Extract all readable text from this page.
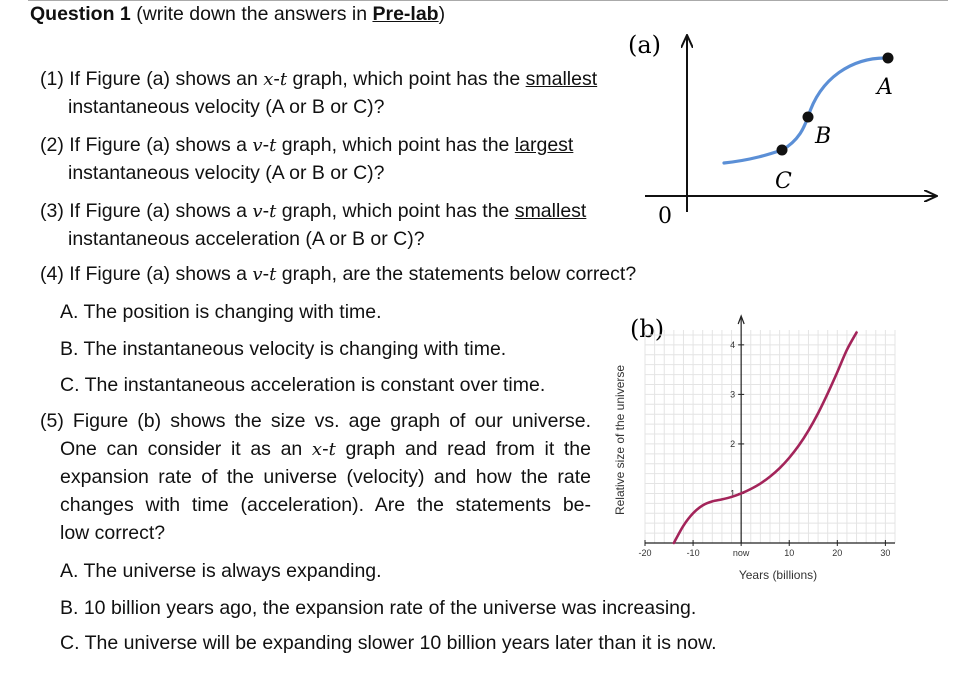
Question 1 (write down the answers in Pre-lab)
(1) If Figure (a) shows an x-t graph, which point has the smallest
instantaneous velocity (A or B or C)?
(2) If Figure (a) shows a v-t graph, which point has the largest
instantaneous velocity (A or B or C)?
(3) If Figure (a) shows a v-t graph, which point has the smallest
instantaneous acceleration (A or B or C)?
(4) If Figure (a) shows a v-t graph, are the statements below correct?
A. The position is changing with time.
B. The instantaneous velocity is changing with time.
C. The instantaneous acceleration is constant over time.
(5) Figure (b) shows the size vs. age graph of our universe.
One can consider it as an x-t graph and read from it the
expansion rate of the universe (velocity) and how the rate
changes with time (acceleration). Are the statements be-
low correct?
A. The universe is always expanding.
B. 10 billion years ago, the expansion rate of the universe was increasing.
C. The universe will be expanding slower 10 billion years later than it is now.
(a)
0
A
B
C
(b)
-20	-10	now	10	20	30
1
2
3
4
Years (billions)
Relative size of the universe
